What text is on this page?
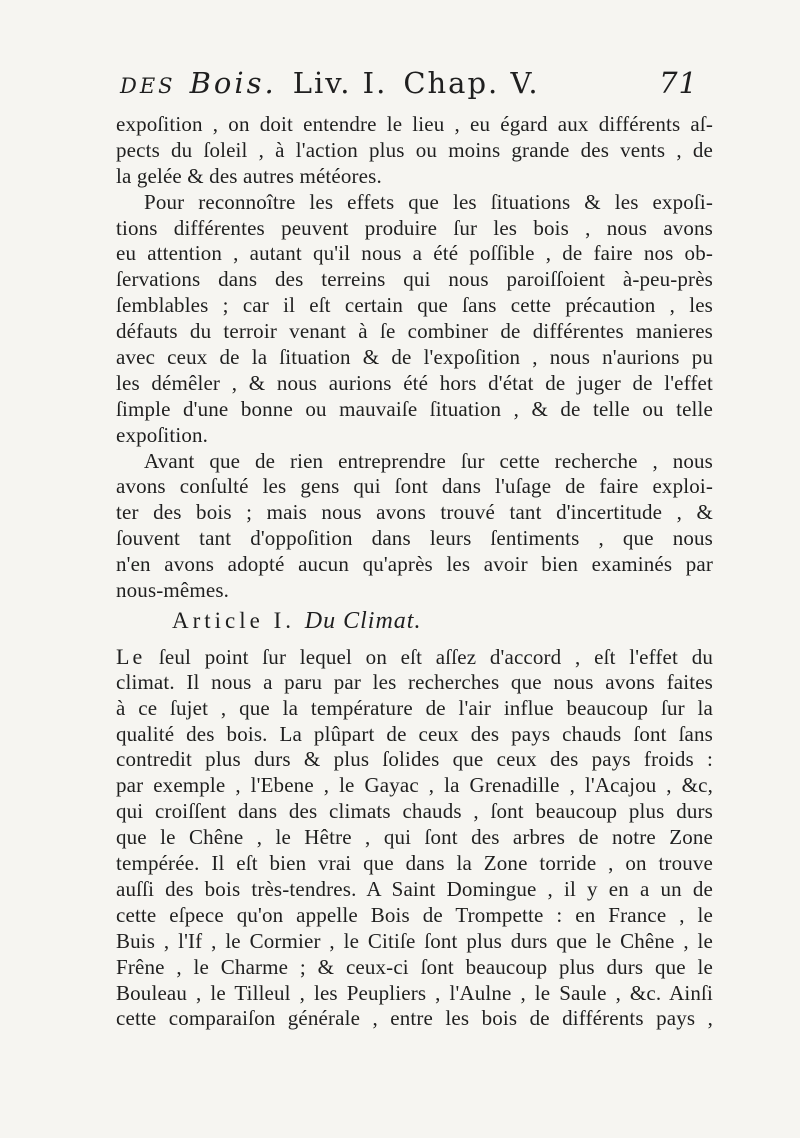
DES Bois. Liv. I. Chap. V.	71
expoſition , on doit entendre le lieu , eu égard aux différents aſ-
pects du ſoleil , à l'action plus ou moins grande des vents , de
la gelée & des autres météores.
Pour reconnoître les effets que les ſituations & les expoſi-
tions différentes peuvent produire ſur les bois , nous avons
eu attention , autant qu'il nous a été poſſible , de faire nos ob-
ſervations dans des terreins qui nous paroiſſoient à-peu-près
ſemblables ; car il eſt certain que ſans cette précaution , les
défauts du terroir venant à ſe combiner de différentes manieres
avec ceux de la ſituation & de l'expoſition , nous n'aurions pu
les démêler , & nous aurions été hors d'état de juger de l'effet
ſimple d'une bonne ou mauvaiſe ſituation , & de telle ou telle
expoſition.
Avant que de rien entreprendre ſur cette recherche , nous
avons conſulté les gens qui ſont dans l'uſage de faire exploi-
ter des bois ; mais nous avons trouvé tant d'incertitude , &
ſouvent tant d'oppoſition dans leurs ſentiments , que nous
n'en avons adopté aucun qu'après les avoir bien examinés par
nous-mêmes.
Article I. Du Climat.
Le ſeul point ſur lequel on eſt aſſez d'accord , eſt l'effet du
climat. Il nous a paru par les recherches que nous avons faites
à ce ſujet , que la température de l'air influe beaucoup ſur la
qualité des bois. La plûpart de ceux des pays chauds ſont ſans
contredit plus durs & plus ſolides que ceux des pays froids :
par exemple , l'Ebene , le Gayac , la Grenadille , l'Acajou , &c,
qui croiſſent dans des climats chauds , ſont beaucoup plus durs
que le Chêne , le Hêtre , qui ſont des arbres de notre Zone
tempérée. Il eſt bien vrai que dans la Zone torride , on trouve
auſſi des bois très-tendres. A Saint Domingue , il y en a un de
cette eſpece qu'on appelle Bois de Trompette : en France , le
Buis , l'If , le Cormier , le Citiſe ſont plus durs que le Chêne , le
Frêne , le Charme ; & ceux-ci ſont beaucoup plus durs que le
Bouleau , le Tilleul , les Peupliers , l'Aulne , le Saule , &c. Ainſi
cette comparaiſon générale , entre les bois de différents pays ,
